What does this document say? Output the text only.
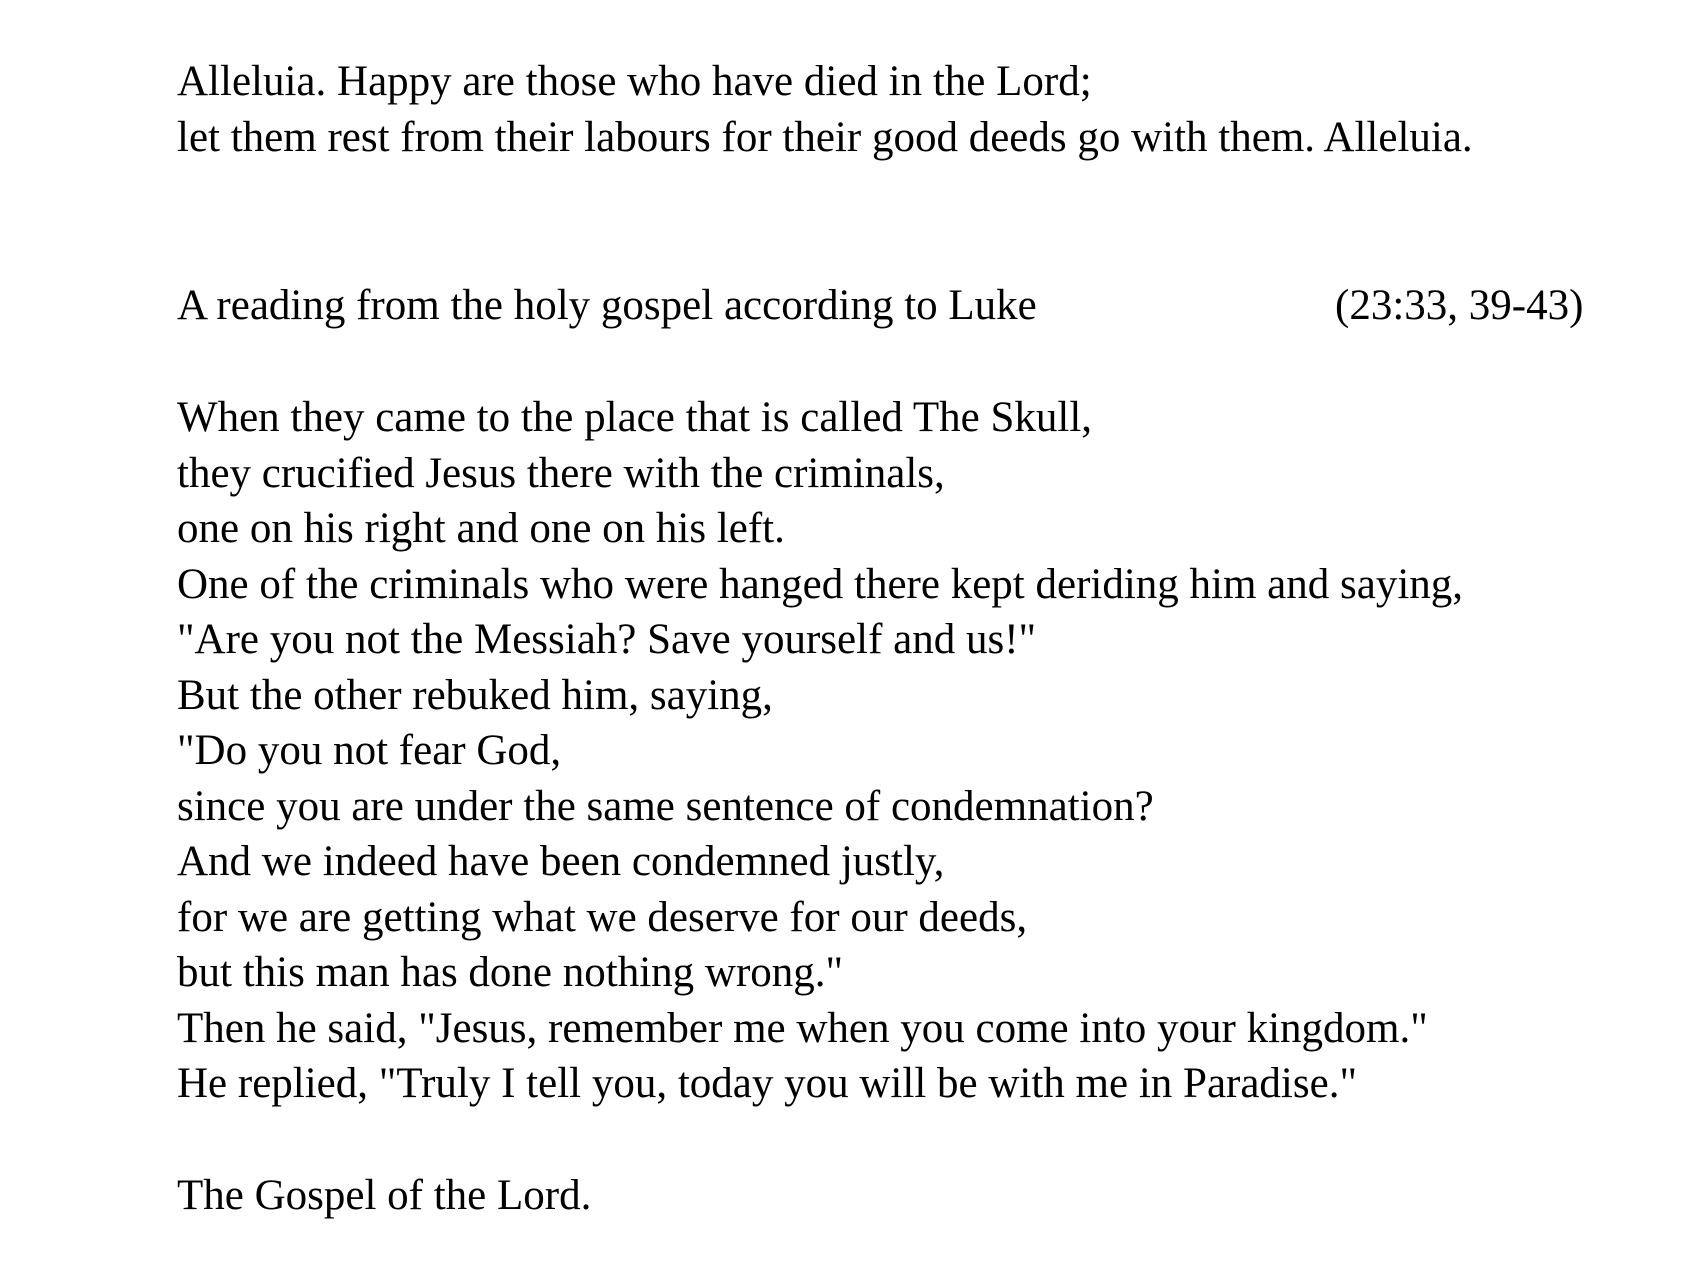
Alleluia. Happy are those who have died in the Lord;

let them rest from their labours for their good deeds go with them. Alleluia.

A reading from the holy gospel according to Luke	(23:33, 39-43)

When they came to the place that is called The Skull,

they crucified Jesus there with the criminals,

one on his right and one on his left.

One of the criminals who were hanged there kept deriding him and saying,

"Are you not the Messiah? Save yourself and us!"

But the other rebuked him, saying,

"Do you not fear God,

since you are under the same sentence of condemnation?

And we indeed have been condemned justly,

for we are getting what we deserve for our deeds,

but this man has done nothing wrong."

Then he said, "Jesus, remember me when you come into your kingdom."

He replied, "Truly I tell you, today you will be with me in Paradise."

The Gospel of the Lord.
